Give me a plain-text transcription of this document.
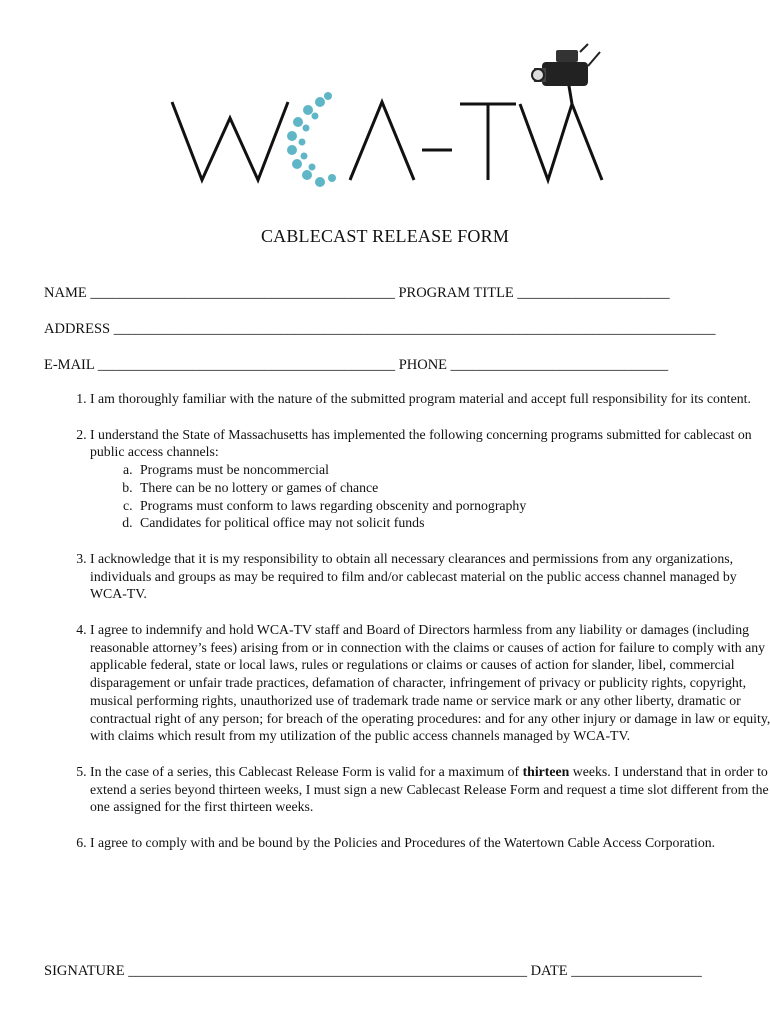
CABLECAST RELEASE FORM
NAME __________________________________________ PROGRAM TITLE _____________________
ADDRESS ___________________________________________________________________________________
E-MAIL _________________________________________ PHONE ______________________________
1. I am thoroughly familiar with the nature of the submitted program material and accept full responsibility for its content.
2. I understand the State of Massachusetts has implemented the following concerning programs submitted for cablecast on public access channels:
a. Programs must be noncommercial
b. There can be no lottery or games of chance
c. Programs must conform to laws regarding obscenity and pornography
d. Candidates for political office may not solicit funds
3. I acknowledge that it is my responsibility to obtain all necessary clearances and permissions from any organizations, individuals and groups as may be required to film and/or cablecast material on the public access channel managed by WCA-TV.
4. I agree to indemnify and hold WCA-TV staff and Board of Directors harmless from any liability or damages (including reasonable attorney’s fees) arising from or in connection with the claims or causes of action for failure to comply with any applicable federal, state or local laws, rules or regulations or claims or causes of action for slander, libel, commercial disparagement or unfair trade practices, defamation of character, infringement of privacy or publicity rights, copyright, musical performing rights, unauthorized use of trademark trade name or service mark or any other liberty, dramatic or contractual right of any person; for breach of the operating procedures: and for any other injury or damage in law or equity, with claims which result from my utilization of the public access channels managed by WCA-TV.
5. In the case of a series, this Cablecast Release Form is valid for a maximum of thirteen weeks. I understand that in order to extend a series beyond thirteen weeks, I must sign a new Cablecast Release Form and request a time slot different from the one assigned for the first thirteen weeks.
6. I agree to comply with and be bound by the Policies and Procedures of the Watertown Cable Access Corporation.
SIGNATURE _______________________________________________________ DATE __________________
